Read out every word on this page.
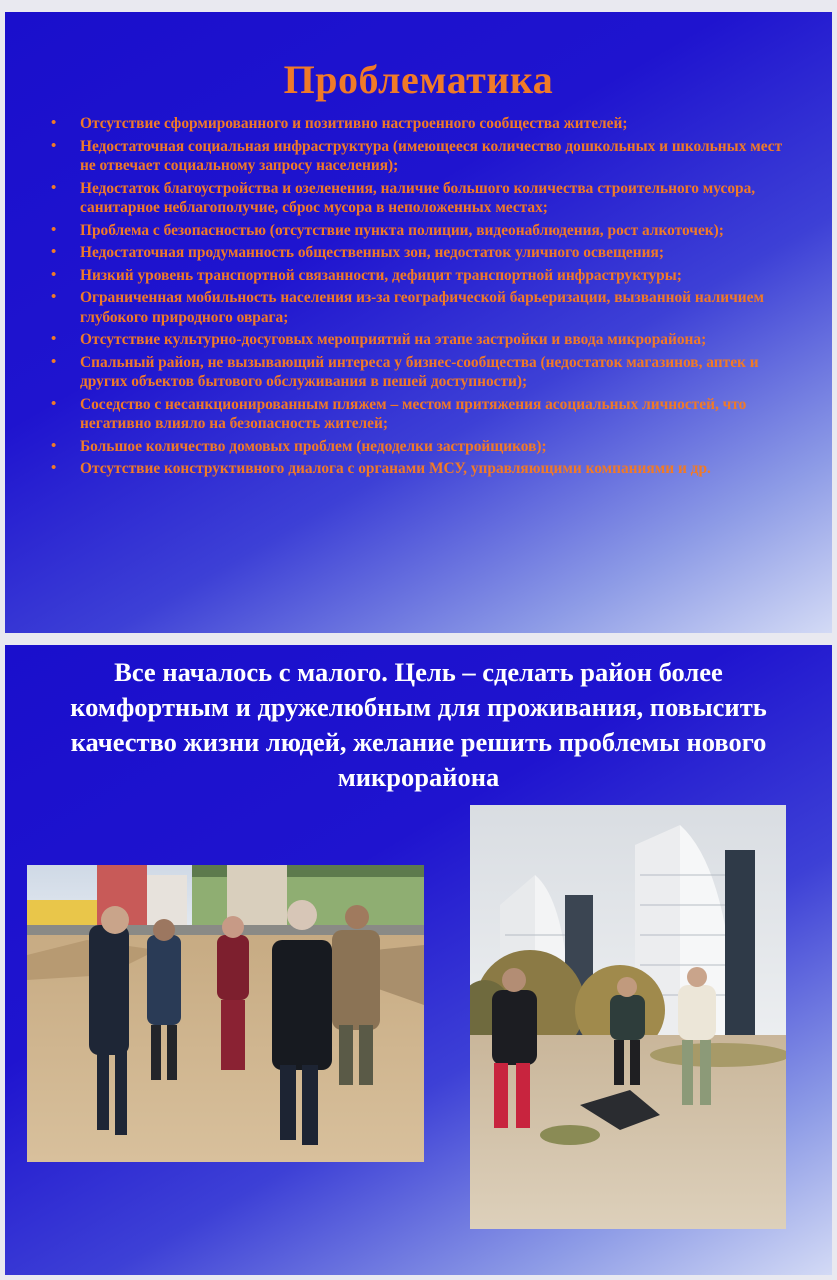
Проблематика
• Отсутствие сформированного и позитивно настроенного сообщества жителей;
• Недостаточная социальная инфраструктура (имеющееся количество дошкольных и школьных мест не отвечает социальному запросу населения);
• Недостаток благоустройства и озеленения, наличие большого количества строительного мусора, санитарное неблагополучие, сброс мусора в неположенных местах;
• Проблема с безопасностью (отсутствие пункта полиции, видеонаблюдения, рост алкоточек);
• Недостаточная продуманность общественных зон, недостаток уличного освещения;
• Низкий уровень транспортной связанности, дефицит транспортной инфраструктуры;
• Ограниченная мобильность населения из-за географической барьеризации, вызванной наличием глубокого природного оврага;
• Отсутствие культурно-досуговых мероприятий на этапе застройки и ввода микрорайона;
• Спальный район, не вызывающий интереса у бизнес-сообщества (недостаток магазинов, аптек и других объектов бытового обслуживания в пешей доступности);
• Соседство с несанкционированным пляжем – местом притяжения асоциальных личностей, что негативно влияло на безопасность жителей;
• Большое количество домовых проблем (недоделки застройщиков);
• Отсутствие конструктивного диалога с органами МСУ, управляющими компаниями и др.
Все началось с малого. Цель – сделать район более комфортным и дружелюбным для проживания, повысить качество жизни людей, желание решить проблемы нового микрорайона
